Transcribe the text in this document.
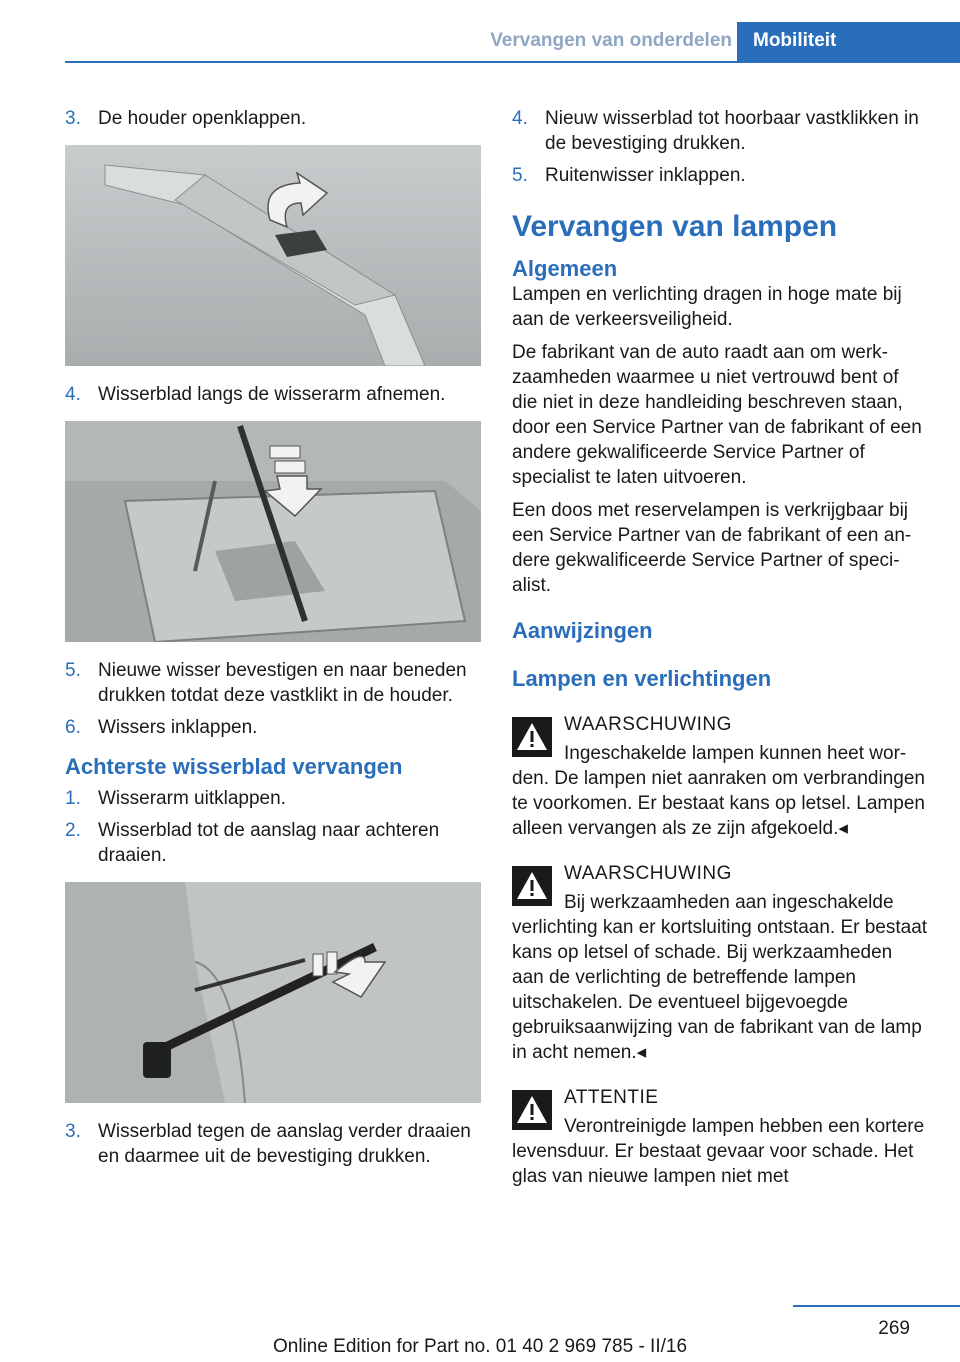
Vervangen van onderdelen	Mobiliteit
3. De houder openklappen.
4. Wisserblad langs de wisserarm afnemen.
5. Nieuwe wisser bevestigen en naar beneden drukken totdat deze vastklikt in de houder.
6. Wissers inklappen.
Achterste wisserblad vervangen
1. Wisserarm uitklappen.
2. Wisserblad tot de aanslag naar achteren draaien.
3. Wisserblad tegen de aanslag verder draaien en daarmee uit de bevestiging drukken.
4. Nieuw wisserblad tot hoorbaar vastklikken in de bevestiging drukken.
5. Ruitenwisser inklappen.
Vervangen van lampen
Algemeen

Lampen en verlichting dragen in hoge mate bij aan de verkeersveiligheid.

De fabrikant van de auto raadt aan om werkzaamheden waarmee u niet vertrouwd bent of die niet in deze handleiding beschreven staan, door een Service Partner van de fabrikant of een andere gekwalificeerde Service Partner of specialist te laten uitvoeren.

Een doos met reservelampen is verkrijgbaar bij een Service Partner van de fabrikant of een andere gekwalificeerde Service Partner of specialist.

Aanwijzingen
Lampen en verlichtingen
WAARSCHUWING
Ingeschakelde lampen kunnen heet worden. De lampen niet aanraken om verbrandingen te voorkomen. Er bestaat kans op letsel. Lampen alleen vervangen als ze zijn afgekoeld.◂
WAARSCHUWING
Bij werkzaamheden aan ingeschakelde verlichting kan er kortsluiting ontstaan. Er bestaat kans op letsel of schade. Bij werkzaamheden aan de verlichting de betreffende lampen uitschakelen. De eventueel bijgevoegde gebruiksaanwijzing van de fabrikant van de lamp in acht nemen.◂
ATTENTIE
Verontreinigde lampen hebben een kortere levensduur. Er bestaat gevaar voor schade. Het glas van nieuwe lampen niet met
269
Online Edition for Part no. 01 40 2 969 785 - II/16
